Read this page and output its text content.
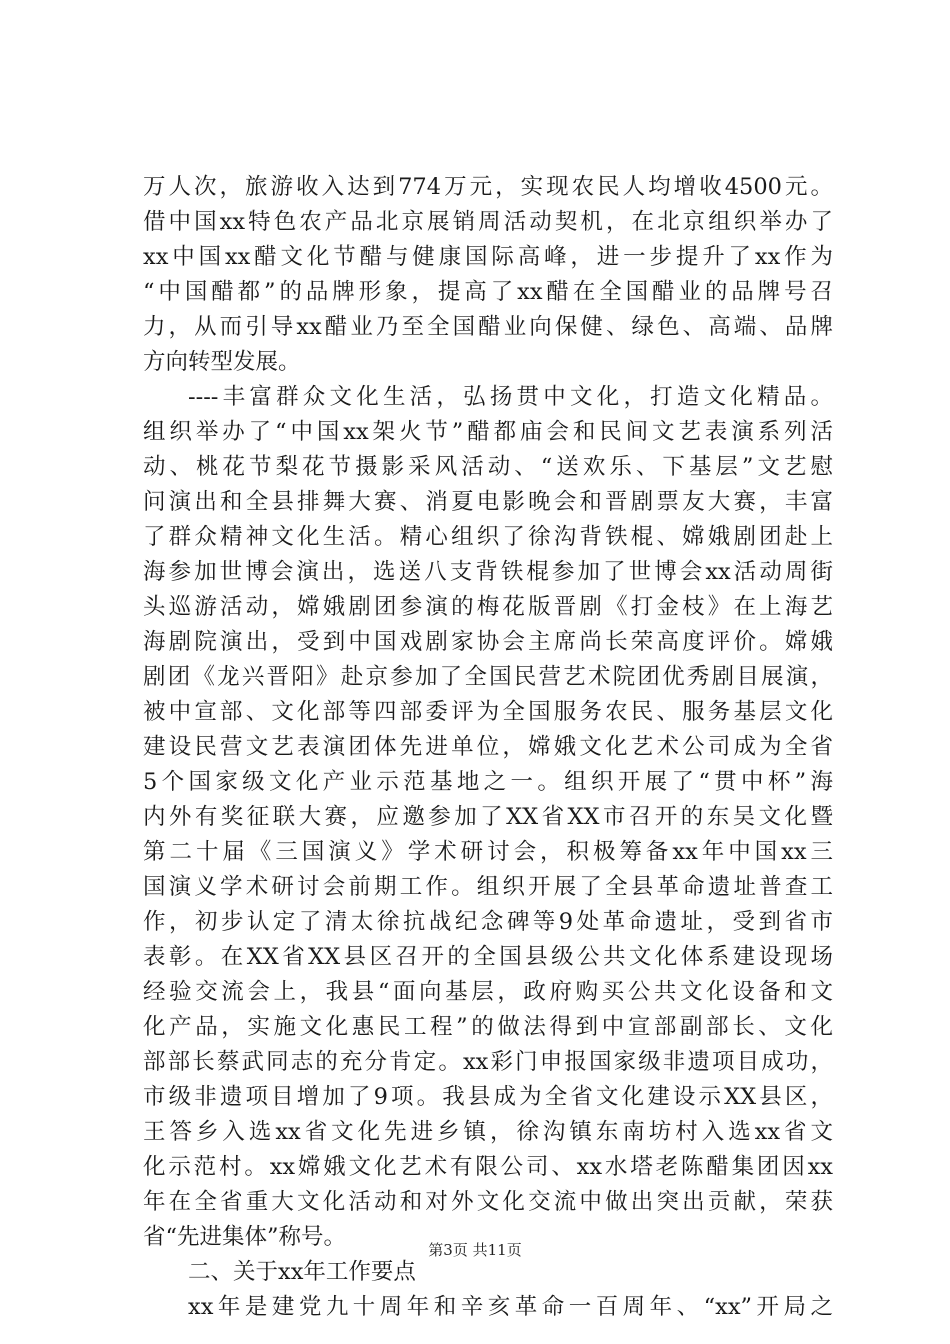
万人次，旅游收入达到774万元，实现农民人均增收4500元。
借中国xx特色农产品北京展销周活动契机，在北京组织举办了
xx中国xx醋文化节醋与健康国际高峰，进一步提升了xx作为
“中国醋都”的品牌形象，提高了xx醋在全国醋业的品牌号召
力，从而引导xx醋业乃至全国醋业向保健、绿色、高端、品牌
方向转型发展。
----丰富群众文化生活，弘扬贯中文化，打造文化精品。
组织举办了“中国xx架火节”醋都庙会和民间文艺表演系列活
动、桃花节梨花节摄影采风活动、“送欢乐、下基层”文艺慰
问演出和全县排舞大赛、消夏电影晚会和晋剧票友大赛，丰富
了群众精神文化生活。精心组织了徐沟背铁棍、嫦娥剧团赴上
海参加世博会演出，选送八支背铁棍参加了世博会xx活动周街
头巡游活动，嫦娥剧团参演的梅花版晋剧《打金枝》在上海艺
海剧院演出，受到中国戏剧家协会主席尚长荣高度评价。嫦娥
剧团《龙兴晋阳》赴京参加了全国民营艺术院团优秀剧目展演，
被中宣部、文化部等四部委评为全国服务农民、服务基层文化
建设民营文艺表演团体先进单位，嫦娥文化艺术公司成为全省
5个国家级文化产业示范基地之一。组织开展了“贯中杯”海
内外有奖征联大赛，应邀参加了XX省XX市召开的东吴文化暨
第二十届《三国演义》学术研讨会，积极筹备xx年中国xx三
国演义学术研讨会前期工作。组织开展了全县革命遗址普查工
作，初步认定了清太徐抗战纪念碑等9处革命遗址，受到省市
表彰。在XX省XX县区召开的全国县级公共文化体系建设现场
经验交流会上，我县“面向基层，政府购买公共文化设备和文
化产品，实施文化惠民工程”的做法得到中宣部副部长、文化
部部长蔡武同志的充分肯定。xx彩门申报国家级非遗项目成功，
市级非遗项目增加了9项。我县成为全省文化建设示XX县区，
王答乡入选xx省文化先进乡镇，徐沟镇东南坊村入选xx省文
化示范村。xx嫦娥文化艺术有限公司、xx水塔老陈醋集团因xx
年在全省重大文化活动和对外文化交流中做出突出贡献，荣获
省“先进集体”称号。
二、关于xx年工作要点
xx年是建党九十周年和辛亥革命一百周年、“xx”开局之
第3页 共11页
